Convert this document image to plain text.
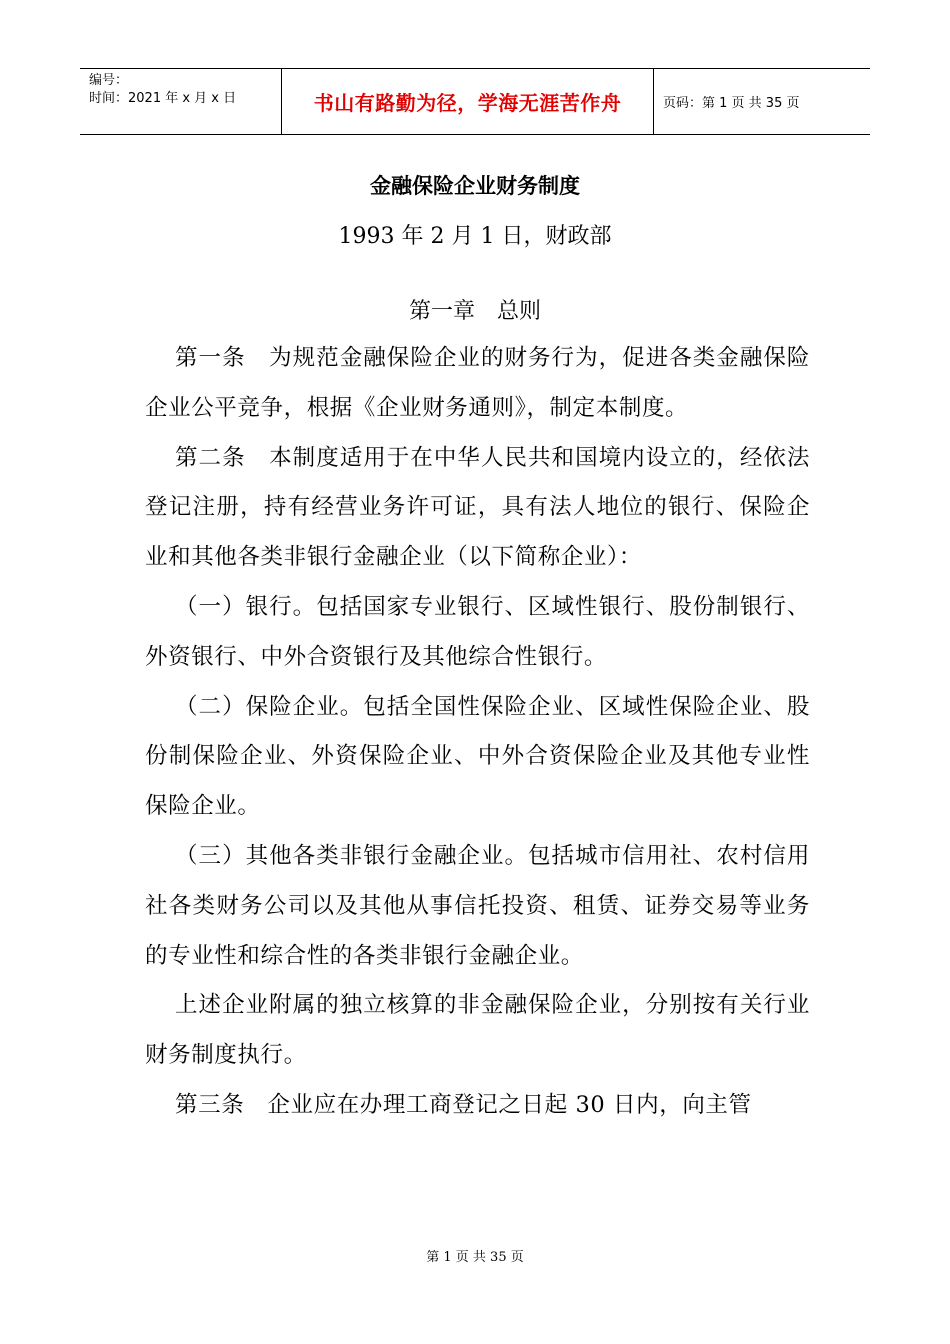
编号：
时间：2021 年 x 月 x 日	书山有路勤为径，学海无涯苦作舟	页码：第 1 页 共 35 页
金融保险企业财务制度
1993 年 2 月 1 日，财政部
第一章　总则

第一条　为规范金融保险企业的财务行为，促进各类金融保险企业公平竞争，根据《企业财务通则》，制定本制度。

第二条　本制度适用于在中华人民共和国境内设立的，经依法登记注册，持有经营业务许可证，具有法人地位的银行、保险企业和其他各类非银行金融企业（以下简称企业）：

（一）银行。包括国家专业银行、区域性银行、股份制银行、外资银行、中外合资银行及其他综合性银行。

（二）保险企业。包括全国性保险企业、区域性保险企业、股份制保险企业、外资保险企业、中外合资保险企业及其他专业性保险企业。

（三）其他各类非银行金融企业。包括城市信用社、农村信用社各类财务公司以及其他从事信托投资、租赁、证券交易等业务的专业性和综合性的各类非银行金融企业。

上述企业附属的独立核算的非金融保险企业，分别按有关行业财务制度执行。

第三条　企业应在办理工商登记之日起 30 日内，向主管

第 1 页 共 35 页
